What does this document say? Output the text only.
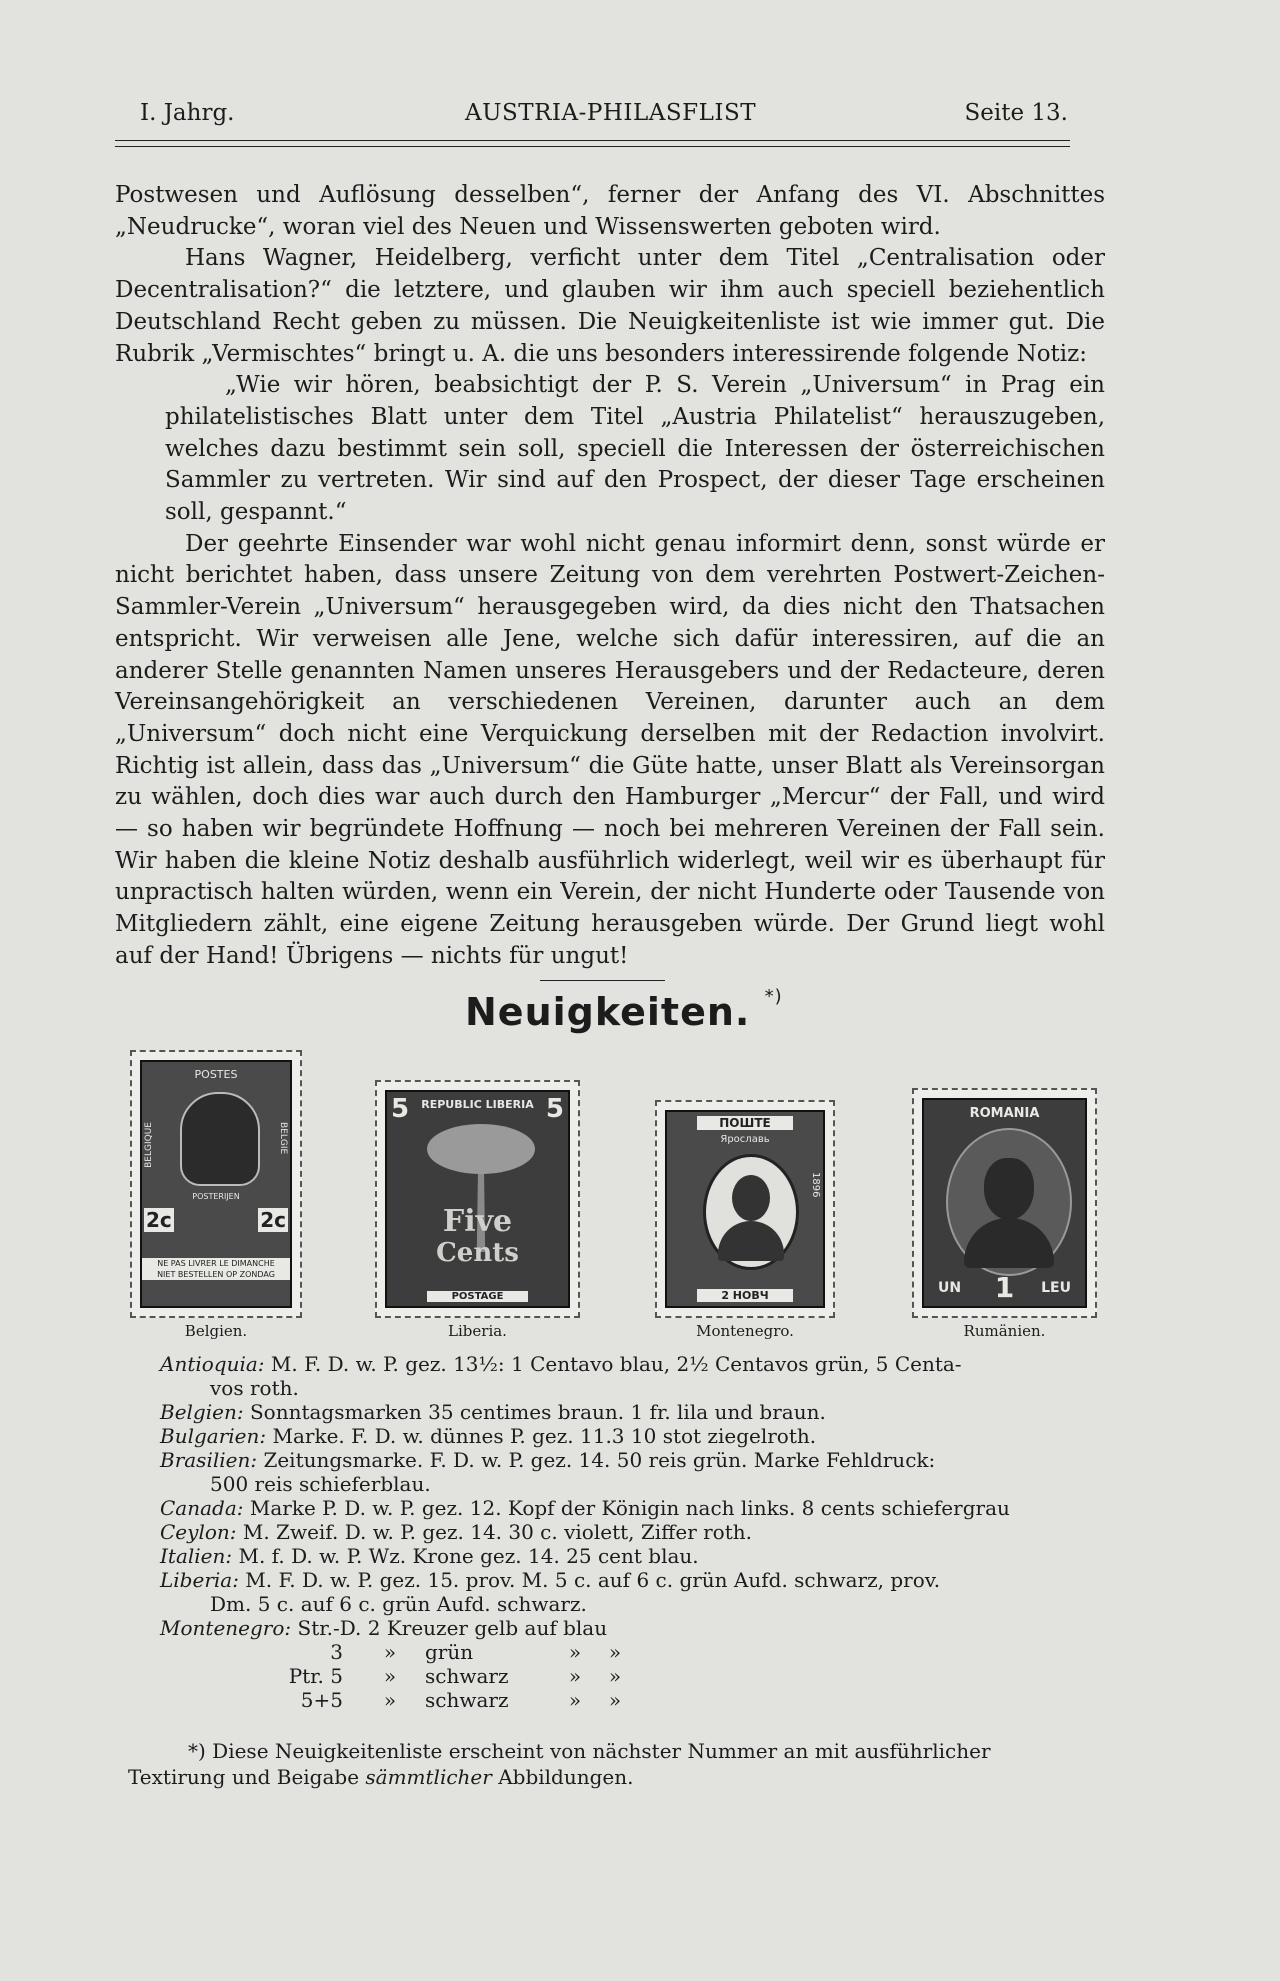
I. Jahrg.	AUSTRIA-PHILASFLIST	Seite 13.

Postwesen und Auflösung desselben“, ferner der Anfang des VI. Abschnittes „Neudrucke“, woran viel des Neuen und Wissenswerten geboten wird.

Hans Wagner, Heidelberg, verficht unter dem Titel „Centralisation oder Decentralisation?“ die letztere, und glauben wir ihm auch speciell beziehentlich Deutschland Recht geben zu müssen. Die Neuigkeitenliste ist wie immer gut. Die Rubrik „Vermischtes“ bringt u. A. die uns besonders interessirende folgende Notiz:

„Wie wir hören, beabsichtigt der P. S. Verein „Universum“ in Prag ein philatelistisches Blatt unter dem Titel „Austria Philatelist“ herauszugeben, welches dazu bestimmt sein soll, speciell die Interessen der österreichischen Sammler zu vertreten. Wir sind auf den Prospect, der dieser Tage erscheinen soll, gespannt.“

Der geehrte Einsender war wohl nicht genau informirt denn, sonst würde er nicht berichtet haben, dass unsere Zeitung von dem verehrten Postwert-Zeichen-Sammler-Verein „Universum“ herausgegeben wird, da dies nicht den Thatsachen entspricht. Wir verweisen alle Jene, welche sich dafür interessiren, auf die an anderer Stelle genannten Namen unseres Herausgebers und der Redacteure, deren Vereinsangehörigkeit an verschiedenen Vereinen, darunter auch an dem „Universum“ doch nicht eine Verquickung derselben mit der Redaction involvirt. Richtig ist allein, dass das „Universum“ die Güte hatte, unser Blatt als Vereinsorgan zu wählen, doch dies war auch durch den Hamburger „Mercur“ der Fall, und wird — so haben wir begründete Hoffnung — noch bei mehreren Vereinen der Fall sein. Wir haben die kleine Notiz deshalb ausführlich widerlegt, weil wir es überhaupt für unpractisch halten würden, wenn ein Verein, der nicht Hunderte oder Tausende von Mitgliedern zählt, eine eigene Zeitung herausgeben würde. Der Grund liegt wohl auf der Hand! Übrigens — nichts für ungut!

Neuigkeiten. *)
POSTES
BELGIQUE	BELGIE
POSTERIJEN
2c	2c
NE PAS LIVRER LE DIMANCHE
NIET BESTELLEN OP ZONDAG
Belgien.
REPUBLIC LIBERIA
5	5
Five
Cents
POSTAGE
Liberia.
ПОШТЕ
Ярославь
1896
2 НОВЧ
Montenegro.
ROMANIA
UN	1	LEU
Rumänien.

Antioquia: M. F. D. w. P. gez. 13½: 1 Centavo blau, 2½ Centavos grün, 5 Centa-

vos roth.

Belgien: Sonntagsmarken 35 centimes braun. 1 fr. lila und braun.

Bulgarien: Marke. F. D. w. dünnes P. gez. 11.3 10 stot ziegelroth.

Brasilien: Zeitungsmarke. F. D. w. P. gez. 14. 50 reis grün. Marke Fehldruck:

500 reis schieferblau.

Canada: Marke P. D. w. P. gez. 12. Kopf der Königin nach links. 8 cents schiefergrau

Ceylon: M. Zweif. D. w. P. gez. 14. 30 c. violett, Ziffer roth.

Italien: M. f. D. w. P. Wz. Krone gez. 14. 25 cent blau.

Liberia: M. F. D. w. P. gez. 15. prov. M. 5 c. auf 6 c. grün Aufd. schwarz, prov.

Dm. 5 c. auf 6 c. grün Aufd. schwarz.

Montenegro: Str.-D. 2 Kreuzer gelb auf blau

3	»	grün	»	»
Ptr. 5	»	schwarz	»	»
5+5	»	schwarz	»	»

*) Diese Neuigkeitenliste erscheint von nächster Nummer an mit ausführlicher

Textirung und Beigabe sämmtlicher Abbildungen.
